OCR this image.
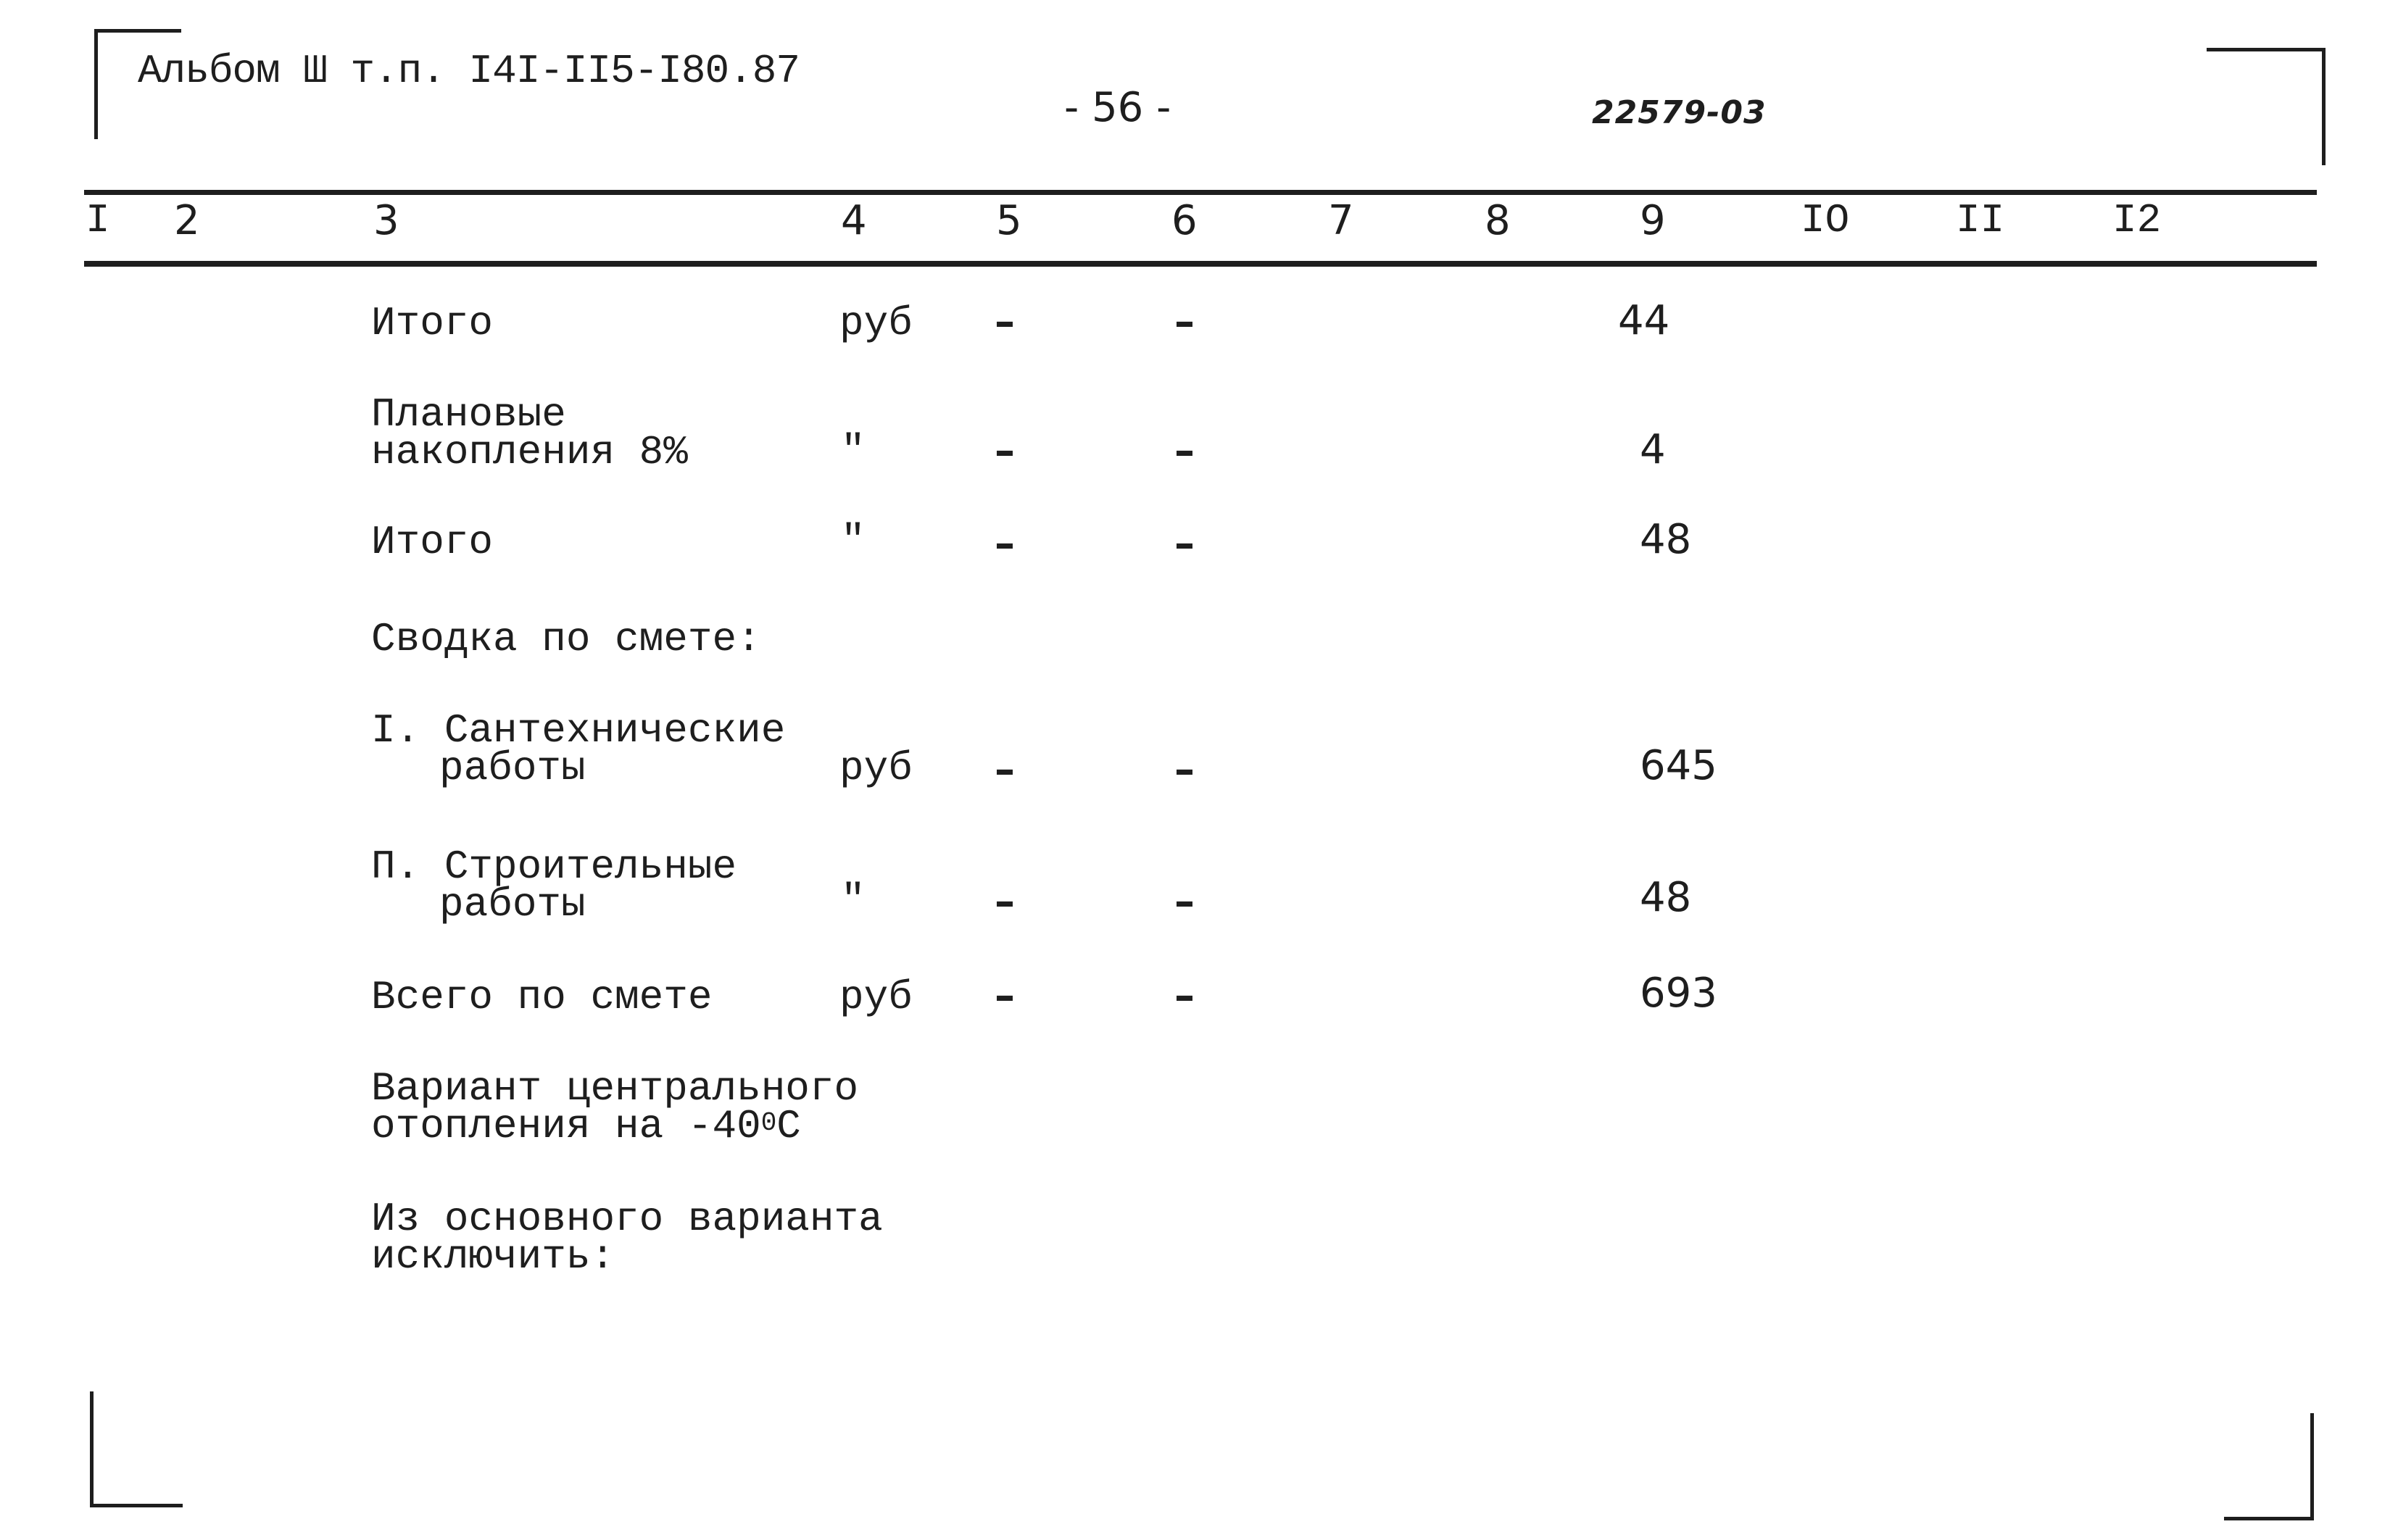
Альбом Ш т.п. I4I-II5-I80.87
- 56 -	22579-03
I 2	3	4	5	6	7	8	9	IO	II	I2
Итого	руб –	–	44
Плановые
накопления 8%	"	–	–	4
Итого	"	–	–	48
Сводка по смете:
I. Сантехнические
работы	руб –	–	645
П. Строительные
работы	"	–	–	48
Всего по смете	руб –	–	693
Вариант центрального
отопления на $-40^0C$
Из основного варианта
исключить:
